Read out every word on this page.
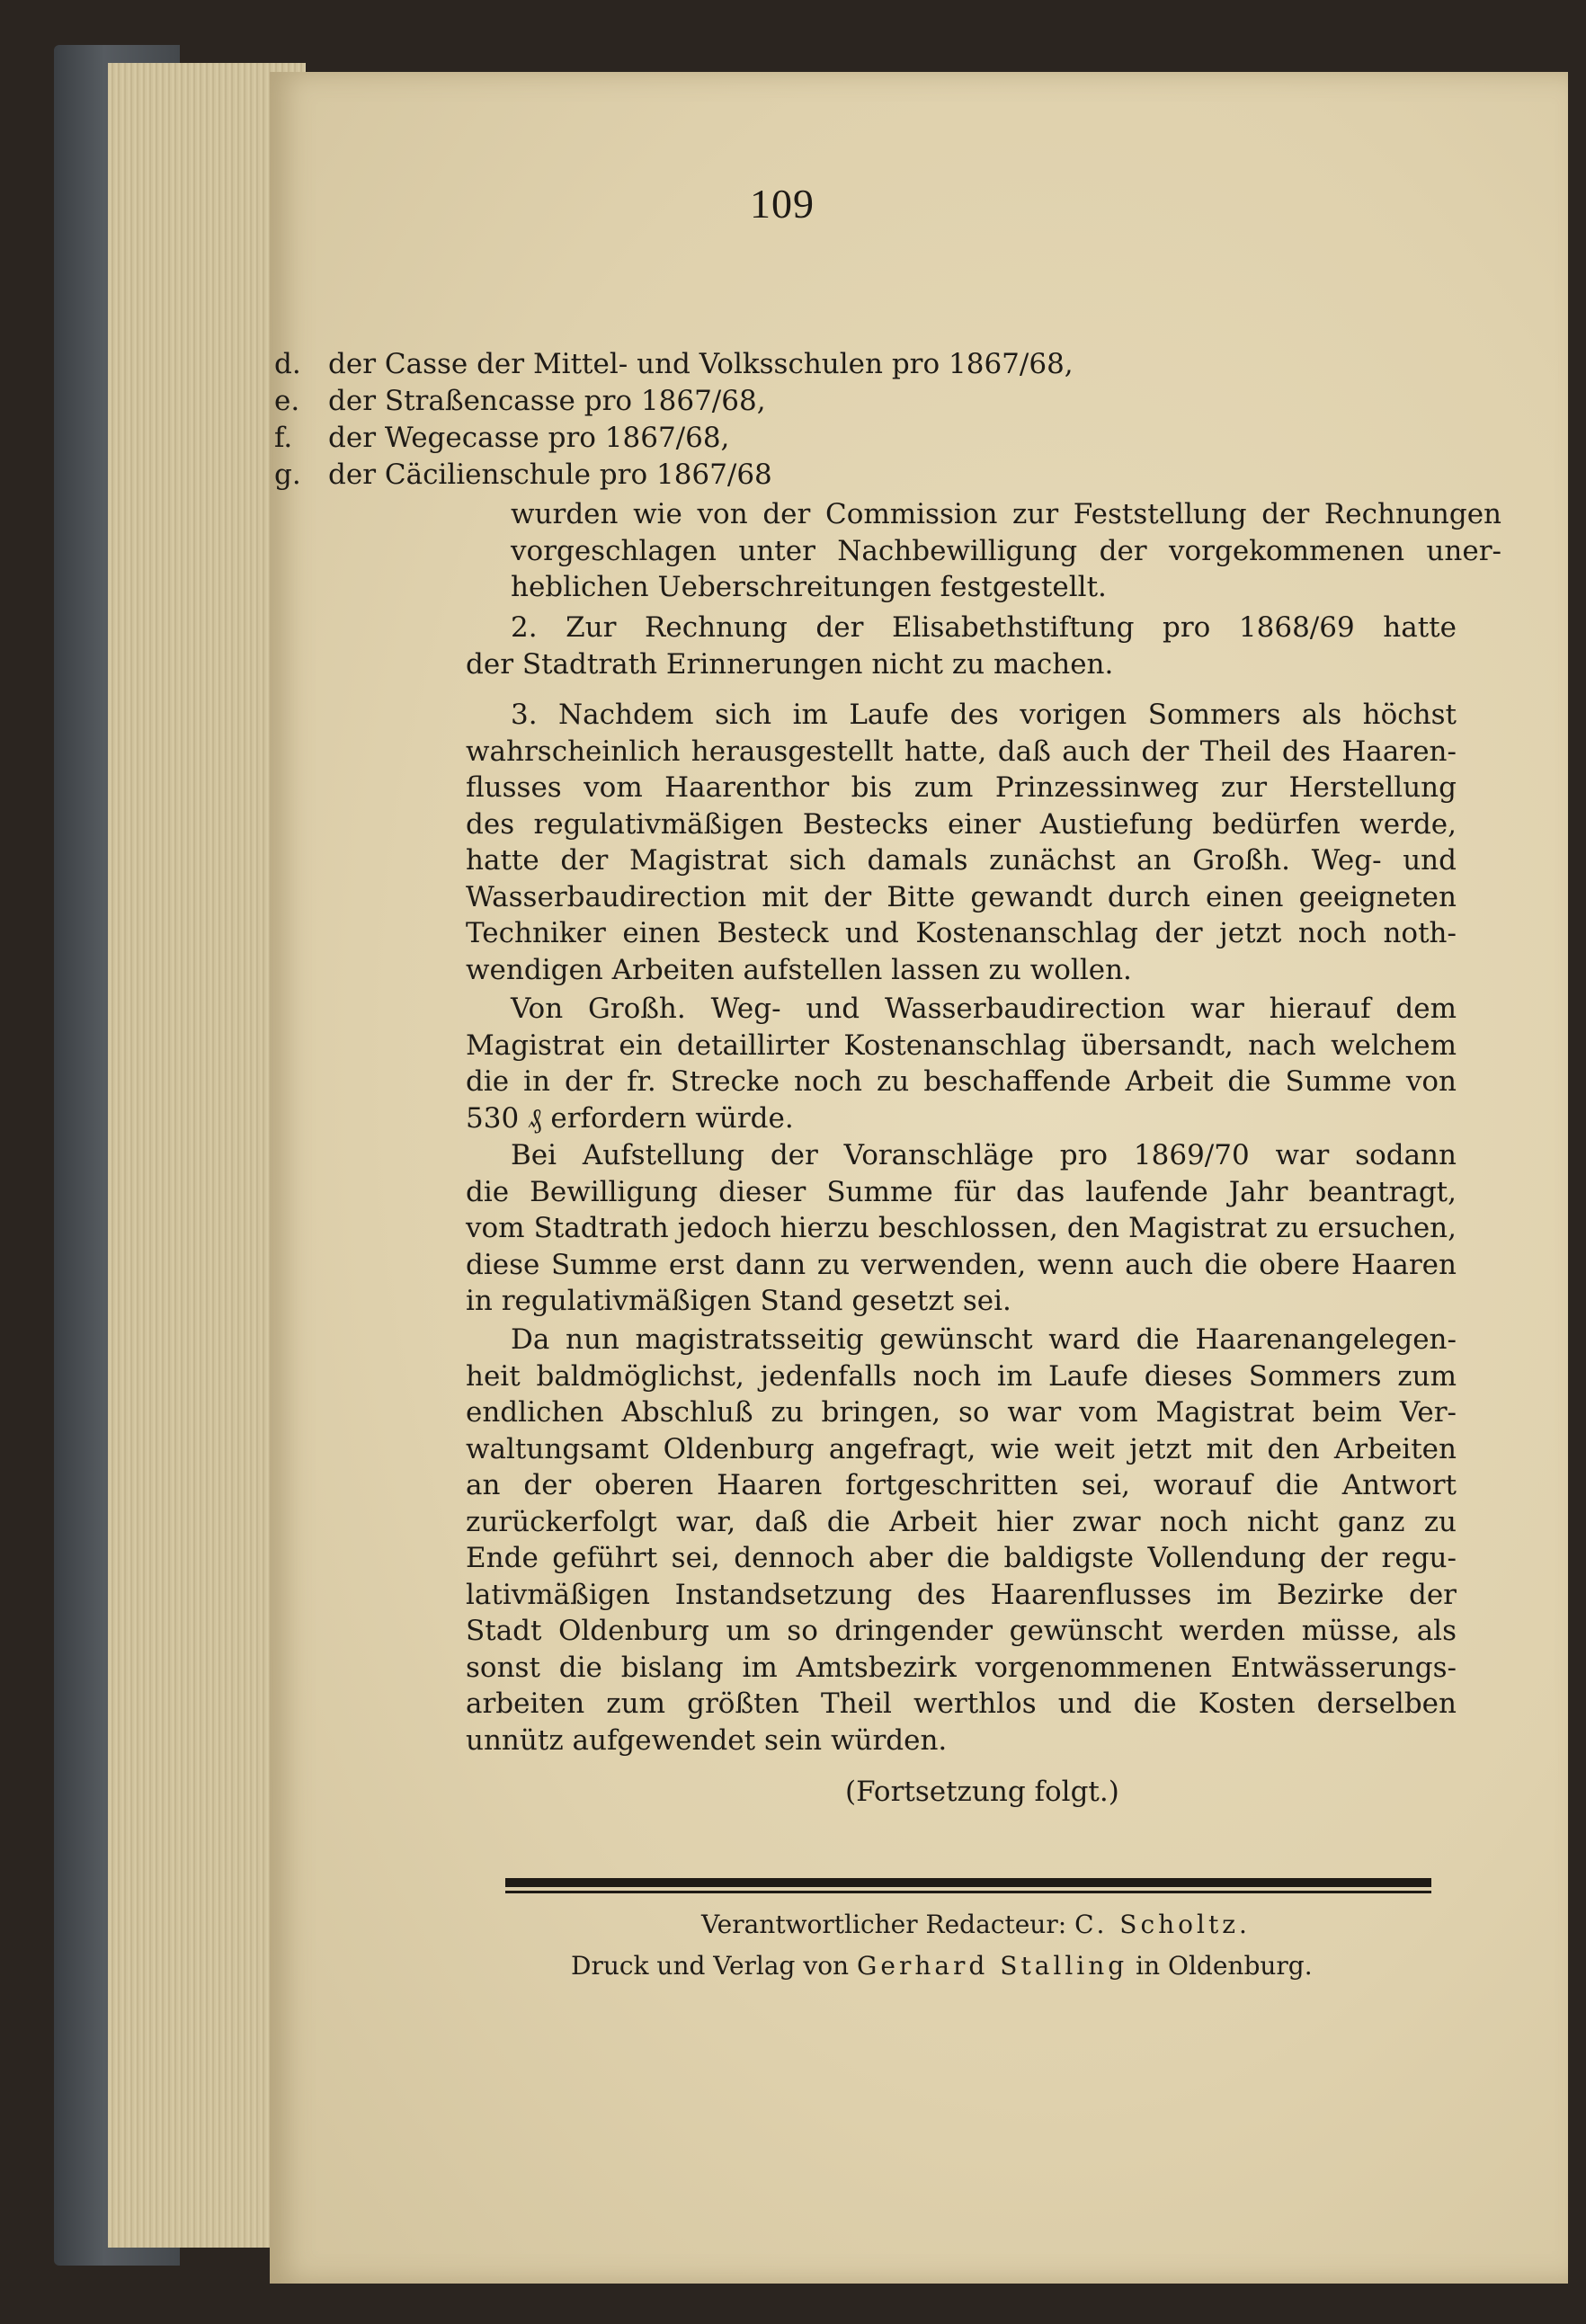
109
d. der Casse der Mittel- und Volksschulen pro 1867/68,
e.	der Straßencasse pro 1867/68,
f.	der Wegecasse pro 1867/68,
g. der Cäcilienschule pro 1867/68
wurden wie von der Commission zur Feststellung der Rechnungen
vorgeschlagen unter Nachbewilligung der vorgekommenen uner-
heblichen Ueberschreitungen festgestellt.
2. Zur Rechnung der Elisabethstiftung pro 1868/69 hatte
der Stadtrath Erinnerungen nicht zu machen.
3. Nachdem sich im Laufe des vorigen Sommers als höchst
wahrscheinlich herausgestellt hatte, daß auch der Theil des Haaren-
flusses vom Haarenthor bis zum Prinzessinweg zur Herstellung
des regulativmäßigen Bestecks einer Austiefung bedürfen werde,
hatte der Magistrat sich damals zunächst an Großh. Weg- und
Wasserbaudirection mit der Bitte gewandt durch einen geeigneten
Techniker einen Besteck und Kostenanschlag der jetzt noch noth-
wendigen Arbeiten aufstellen lassen zu wollen.
Von Großh. Weg- und Wasserbaudirection war hierauf dem
Magistrat ein detaillirter Kostenanschlag übersandt, nach welchem
die in der fr. Strecke noch zu beschaffende Arbeit die Summe von
530 ₰ erfordern würde.
Bei Aufstellung der Voranschläge pro 1869/70 war sodann
die Bewilligung dieser Summe für das laufende Jahr beantragt,
vom Stadtrath jedoch hierzu beschlossen, den Magistrat zu ersuchen,
diese Summe erst dann zu verwenden, wenn auch die obere Haaren
in regulativmäßigen Stand gesetzt sei.
Da nun magistratsseitig gewünscht ward die Haarenangelegen-
heit baldmöglichst, jedenfalls noch im Laufe dieses Sommers zum
endlichen Abschluß zu bringen, so war vom Magistrat beim Ver-
waltungsamt Oldenburg angefragt, wie weit jetzt mit den Arbeiten
an der oberen Haaren fortgeschritten sei, worauf die Antwort
zurückerfolgt war, daß die Arbeit hier zwar noch nicht ganz zu
Ende geführt sei, dennoch aber die baldigste Vollendung der regu-
lativmäßigen Instandsetzung des Haarenflusses im Bezirke der
Stadt Oldenburg um so dringender gewünscht werden müsse, als
sonst die bislang im Amtsbezirk vorgenommenen Entwässerungs-
arbeiten zum größten Theil werthlos und die Kosten derselben
unnütz aufgewendet sein würden.
(Fortsetzung folgt.)
Verantwortlicher Redacteur: C. Scholtz.
Druck und Verlag von Gerhard Stalling in Oldenburg.
